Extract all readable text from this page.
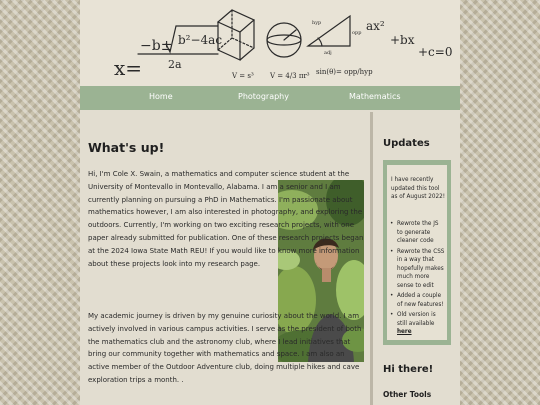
x=
−b± b²−4ac
2a
V = s³ V = 4/3 πr³
hyp
opp
adj
sin(θ)= opp/hyp
ax²
+bx
+c=0
Home	Photography	Mathematics
What's up!

Hi, I'm Cole X. Swain, a mathematics and computer science student at the University of Montevallo in Montevallo, Alabama. I am a senior and I am currently planning on pursuing a PhD in Mathematics. I'm passionate about mathematics however, I am also interested in photography, and exploring the outdoors. Currently, I'm working on two exciting research projects, with one paper already submitted for publication. One of these research projects began at the 2024 Iowa State Math REU! If you would like to know more information about these projects look into my research page.

My academic journey is driven by my genuine curiosity about the world. I am actively involved in various campus activities. I serve as the president of both the mathematics club and the astronomy club, where I lead initiatives that bring our community together with mathematics and space. I am also an active member of the Outdoor Adventure club, doing multiple hikes and cave exploration trips a month. .

Updates

I have recently updated this tool as of August 2022!

• Rewrote the JS to generate cleaner code
• Rewrote the CSS in a way that hopefully makes much more sense to edit
• Added a couple of new features!
• Old version is still available here
Hi there!
Other Tools
